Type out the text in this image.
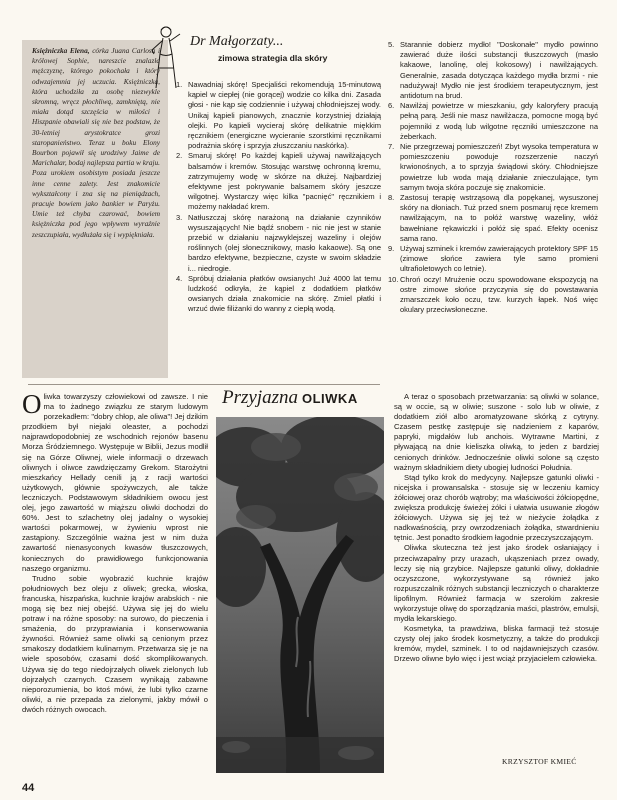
Księżniczka Elena, córka Juana Carlosa i królowej Sophie, nareszcie znalazła mężczyznę, którego pokochała i który odwzajemnia jej uczucia. Księżniczka, która uchodziła za osobę niezwykle skromną, wręcz płochliwą, zamkniętą, nie miała dotąd szczęścia w miłości i Hiszpanie obawiali się nie bez podstaw, że 30-letniej arystokratce grozi staropanieństwo. Teraz u boku Elony Bourbon pojawił się urodziwy Jaime de Marichalar, bodaj najlepsza partia w kraju. Poza urokiem osobistym posiada jeszcze inne cenne zalety. Jest znakomicie wykształcony i zna się na pieniądzach, pracuje bowiem jako bankier w Paryżu. Umie też chyba czarować, bowiem księżniczka pod jego wpływem wyraźnie zeszczupiała, wydłużała się i wypiękniała.

Dr Małgorzaty...
zimowa strategia dla skóry
1. Nawadniaj skórę! Specjaliści rekomendują 15-minutową kąpiel w ciepłej (nie gorącej) wodzie co kilka dni. Zasada głosi - nie kąp się codziennie i używaj chłodniejszej wody. Unikaj kąpieli pianowych, znacznie korzystniej działają olejki. Po kąpieli wycieraj skórę delikatnie miękkim ręcznikiem (energiczne wycieranie szorstkimi ręcznikami podrażnia skórę i sprzyja złuszczaniu naskórka).
2. Smaruj skórę! Po każdej kąpieli używaj nawilżających balsamów i kremów. Stosując warstwę ochronną kremu, zatrzymujemy wodę w skórze na dłużej. Najbardziej efektywne jest pokrywanie balsamem skóry jeszcze wilgotnej. Wystarczy więc kilka "pacnięć" ręcznikiem i możemy nakładać krem.
3. Natłuszczaj skórę narażoną na działanie czynników wysuszających! Nie bądź snobem - nic nie jest w stanie przebić w działaniu najzwyklejszej wazeliny i olejów roślinnych (olej słonecznikowy, masło kakaowe). Są one bardzo efektywne, bezpieczne, czyste w swoim składzie i... niedrogie.
4. Spróbuj działania płatków owsianych! Już 4000 lat temu ludzkość odkryła, że kąpiel z dodatkiem płatków owsianych działa znakomicie na skórę. Zmiel płatki i wrzuć dwie filiżanki do wanny z ciepłą wodą.
5. Starannie dobierz mydło! "Doskonałe" mydło powinno zawierać duże ilości substancji tłuszczowych (masło kakaowe, lanolinę, olej kokosowy) i nawilżających. Generalnie, zasada dotycząca każdego mydła brzmi - nie nadużywaj! Mydło nie jest środkiem terapeutycznym, jest antidotum na brud.
6. Nawilżaj powietrze w mieszkaniu, gdy kaloryfery pracują pełną parą. Jeśli nie masz nawilżacza, pomocne mogą być pojemniki z wodą lub wilgotne ręczniki umieszczone na żeberkach.
7. Nie przegrzewaj pomieszczeń! Zbyt wysoka temperatura w pomieszczeniu powoduje rozszerzenie naczyń krwionośnych, a to sprzyja świądowi skóry. Chłodniejsze powietrze lub woda mają działanie znieczulające, tym samym twoja skóra poczuje się znakomicie.
8. Zastosuj terapię wstrząsową dla popękanej, wysuszonej skóry na dłoniach. Tuż przed snem posmaruj ręce kremem nawilżającym, na to połóż warstwę wazeliny, włóż bawełniane rękawiczki i połóż się spać. Efekty ocenisz sama rano.
9. Używaj szminek i kremów zawierających protektory SPF 15 (zimowe słońce zawiera tyle samo promieni ultrafioletowych co letnie).
10. Chroń oczy! Mrużenie oczu spowodowane ekspozycją na ostre zimowe słońce przyczynia się do powstawania zmarszczek koło oczu, tzw. kurzych łapek. Noś więc okulary przeciwsłoneczne.

Oliwka towarzyszy człowiekowi od zawsze. I nie ma to żadnego związku ze starym ludowym porzekadłem: "dobry chłop, ale oliwa"! Jej dzikim przodkiem był niejaki oleaster, a pochodzi najprawdopodobniej ze wschodnich rejonów basenu Morza Śródziemnego. Występuje w Biblii, Jezus modlił się na Górze Oliwnej, wiele informacji o drzewach oliwnych i oliwce zawdzięczamy Grekom. Starożytni mieszkańcy Hellady cenili ją z racji wartości użytkowych, głównie spożywczych, ale także leczniczych. Podstawowym składnikiem owocu jest olej, jego zawartość w miąższu oliwki dochodzi do 60%. Jest to szlachetny olej jadalny o wysokiej wartości pokarmowej, w żywieniu wprost nie zastąpiony. Szczególnie ważna jest w nim duża zawartość nienasyconych kwasów tłuszczowych, koniecznych do prawidłowego funkcjonowania naszego organizmu.

Trudno sobie wyobrazić kuchnie krajów południowych bez oleju z oliwek; grecka, włoska, francuska, hiszpańska, kuchnie krajów arabskich - nie mogą się bez niej obejść. Używa się jej do wielu potraw i na różne sposoby: na surowo, do pieczenia i smażenia, do przyprawiania i konserwowania żywności. Również same oliwki są cenionym przez smakoszy dodatkiem kulinarnym. Przetwarza się je na wiele sposobów, czasami dość skomplikowanych. Używa się do tego niedojrzałych oliwek zielonych lub dojrzałych czarnych. Czasem wynikają zabawne nieporozumienia, bo ktoś mówi, że lubi tylko czarne oliwki, a nie przepada za zielonymi, jakby mówił o dwóch różnych owocach.

Przyjazna OLIWKA	A teraz o sposobach przetwarzania: są oliwki w solance, są w occie, są w oliwie; suszone - solo lub w oliwie, z dodatkiem ziół albo aromatyzowane skórką z cytryny. Czasem pestkę zastępuje się nadzieniem z kaparów, papryki, migdałów lub anchois. Wytrawne Martini, z pływającą na dnie kieliszka oliwką, to jeden z bardziej cenionych drinków. Jednocześnie oliwki solone są często ważnym składnikiem diety ubogiej ludności Południa.

Stąd tylko krok do medycyny. Najlepsze gatunki oliwki - nicejska i prowansalska - stosuje się w leczeniu kamicy żółciowej oraz chorób wątroby; ma właściwości żółciopędne, zwiększa produkcję świeżej żółci i ułatwia usuwanie złogów żółciowych. Używa się jej też w nieżycie żołądka z nadkwaśnością, przy owrzodzeniach żołądka, stwardnieniu tętnic. Jest ponadto środkiem łagodnie przeczyszczającym.

Oliwka skuteczna też jest jako środek osłaniający i przeciwzapalny przy urazach, ukąszeniach przez owady, leczy się nią grzybice. Najlepsze gatunki oliwy, dokładnie oczyszczone, wykorzystywane są również jako rozpuszczalnik różnych substancji leczniczych o charakterze lipofilnym. Również farmacja w szerokim zakresie wykorzystuje oliwę do sporządzania maści, plastrów, emulsji, mydła lekarskiego.

Kosmetyka, ta prawdziwa, bliska farmacji też stosuje czysty olej jako środek kosmetyczny, a także do produkcji kremów, mydeł, szminek. I to od najdawniejszych czasów. Drzewo oliwne było więc i jest wciąż przyjacielem człowieka.

KRZYSZTOF KMIEĆ
44
